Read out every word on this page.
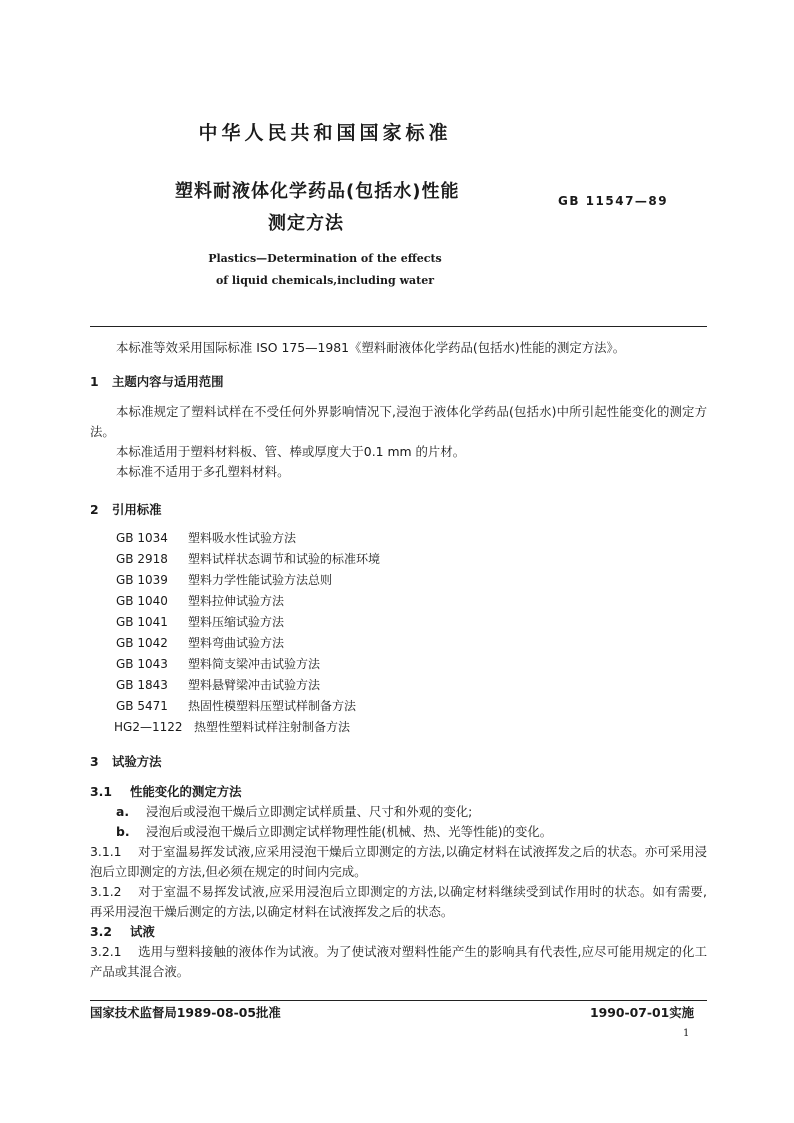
中华人民共和国国家标准
塑料耐液体化学药品(包括水)性能
测定方法
GB 11547—89
Plastics—Determination of the effects
of liquid chemicals,including water

本标准等效采用国际标准 ISO 175—1981《塑料耐液体化学药品(包括水)性能的测定方法》。

1 主题内容与适用范围

本标准规定了塑料试样在不受任何外界影响情况下,浸泡于液体化学药品(包括水)中所引起性能变化的测定方法。

本标准适用于塑料材料板、管、棒或厚度大于0.1 mm 的片材。

本标准不适用于多孔塑料材料。

2 引用标准
GB 1034 塑料吸水性试验方法
GB 2918 塑料试样状态调节和试验的标准环境
GB 1039 塑料力学性能试验方法总则
GB 1040 塑料拉伸试验方法
GB 1041 塑料压缩试验方法
GB 1042 塑料弯曲试验方法
GB 1043 塑料简支梁冲击试验方法
GB 1843 塑料悬臂梁冲击试验方法
GB 5471 热固性模塑料压塑试样制备方法
HG2—1122 热塑性塑料试样注射制备方法
3 试验方法
3.1 性能变化的测定方法
a. 浸泡后或浸泡干燥后立即测定试样质量、尺寸和外观的变化;
b. 浸泡后或浸泡干燥后立即测定试样物理性能(机械、热、光等性能)的变化。

3.1.1 对于室温易挥发试液,应采用浸泡干燥后立即测定的方法,以确定材料在试液挥发之后的状态。亦可采用浸泡后立即测定的方法,但必须在规定的时间内完成。

3.1.2 对于室温不易挥发试液,应采用浸泡后立即测定的方法,以确定材料继续受到试作用时的状态。如有需要,再采用浸泡干燥后测定的方法,以确定材料在试液挥发之后的状态。

3.2 试液

3.2.1 选用与塑料接触的液体作为试液。为了使试液对塑料性能产生的影响具有代表性,应尽可能用规定的化工产品或其混合液。

国家技术监督局1989-08-05批准	1990-07-01实施
1
